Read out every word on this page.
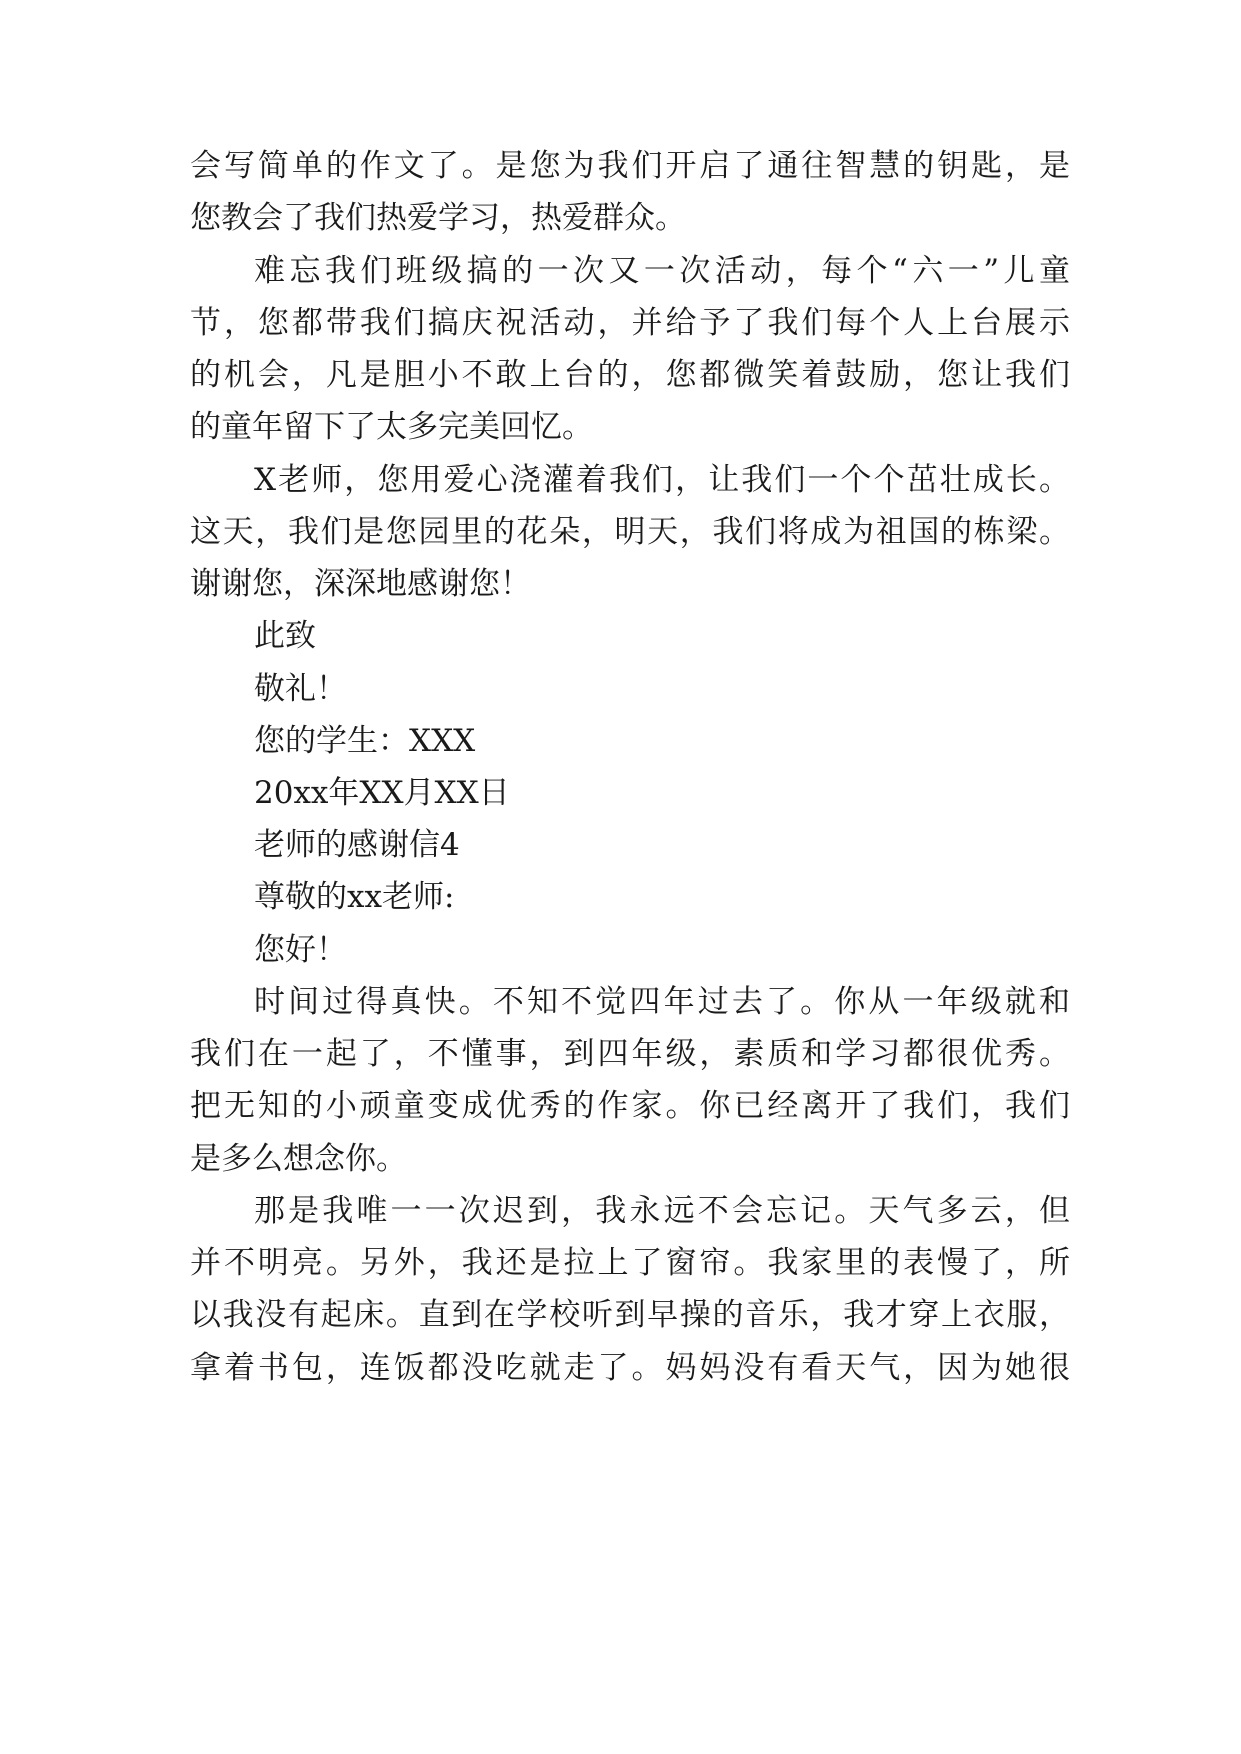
会写简单的作文了。是您为我们开启了通往智慧的钥匙，是
您教会了我们热爱学习，热爱群众。
难忘我们班级搞的一次又一次活动，每个“六一”儿童
节，您都带我们搞庆祝活动，并给予了我们每个人上台展示
的机会，凡是胆小不敢上台的，您都微笑着鼓励，您让我们
的童年留下了太多完美回忆。
X老师，您用爱心浇灌着我们，让我们一个个茁壮成长。
这天，我们是您园里的花朵，明天，我们将成为祖国的栋梁。
谢谢您，深深地感谢您！
此致
敬礼！
您的学生：XXX
20xx年XX月XX日
老师的感谢信4
尊敬的xx老师:
您好！
时间过得真快。不知不觉四年过去了。你从一年级就和
我们在一起了，不懂事，到四年级，素质和学习都很优秀。
把无知的小顽童变成优秀的作家。你已经离开了我们，我们
是多么想念你。
那是我唯一一次迟到，我永远不会忘记。天气多云，但
并不明亮。另外，我还是拉上了窗帘。我家里的表慢了，所
以我没有起床。直到在学校听到早操的音乐，我才穿上衣服，
拿着书包，连饭都没吃就走了。妈妈没有看天气，因为她很
